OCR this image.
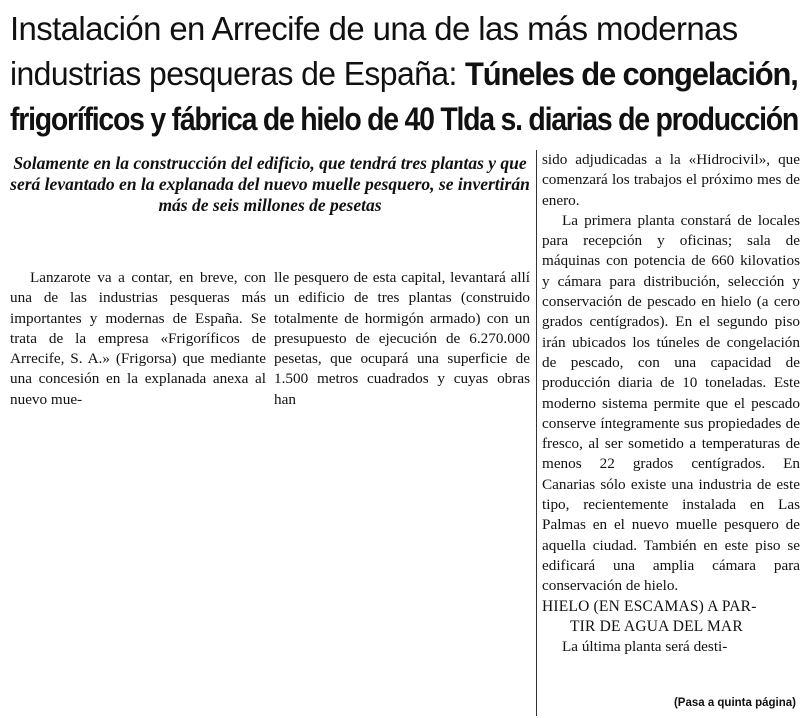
Instalación en Arrecife de una de las más modernas
industrias pesqueras de España: Túneles de congelación,
frigoríficos y fábrica de hielo de 40 Tlda s. diarias de producción
Solamente en la construcción del edificio, que tendrá tres plantas y que será levantado en la explanada del nuevo muelle pesquero, se invertirán más de seis millones de pesetas

Lanzarote va a contar, en breve, con una de las industrias pesqueras más importantes y modernas de España. Se trata de la empresa «Frigoríficos de Arrecife, S. A.» (Frigorsa) que mediante una concesión en la explanada anexa al nuevo mue-

lle pesquero de esta capital, levantará allí un edificio de tres plantas (construido totalmente de hormigón armado) con un presupuesto de ejecución de 6.270.000 pesetas, que ocupará una superficie de 1.500 metros cuadrados y cuyas obras han

sido adjudicadas a la «Hidrocivil», que comenzará los trabajos el próximo mes de enero.

La primera planta constará de locales para recepción y oficinas; sala de máquinas con potencia de 660 kilovatios y cámara para distribución, selección y conservación de pescado en hielo (a cero grados centígrados). En el segundo piso irán ubicados los túneles de congelación de pescado, con una capacidad de producción diaria de 10 toneladas. Este moderno sistema permite que el pescado conserve íntegramente sus propiedades de fresco, al ser sometido a temperaturas de menos 22 grados centígrados. En Canarias sólo existe una industria de este tipo, recientemente instalada en Las Palmas en el nuevo muelle pesquero de aquella ciudad. También en este piso se edificará una amplia cámara para conservación de hielo.

HIELO (EN ESCAMAS) A PAR-
TIR DE AGUA DEL MAR

La última planta será desti-

(Pasa a quinta página)
